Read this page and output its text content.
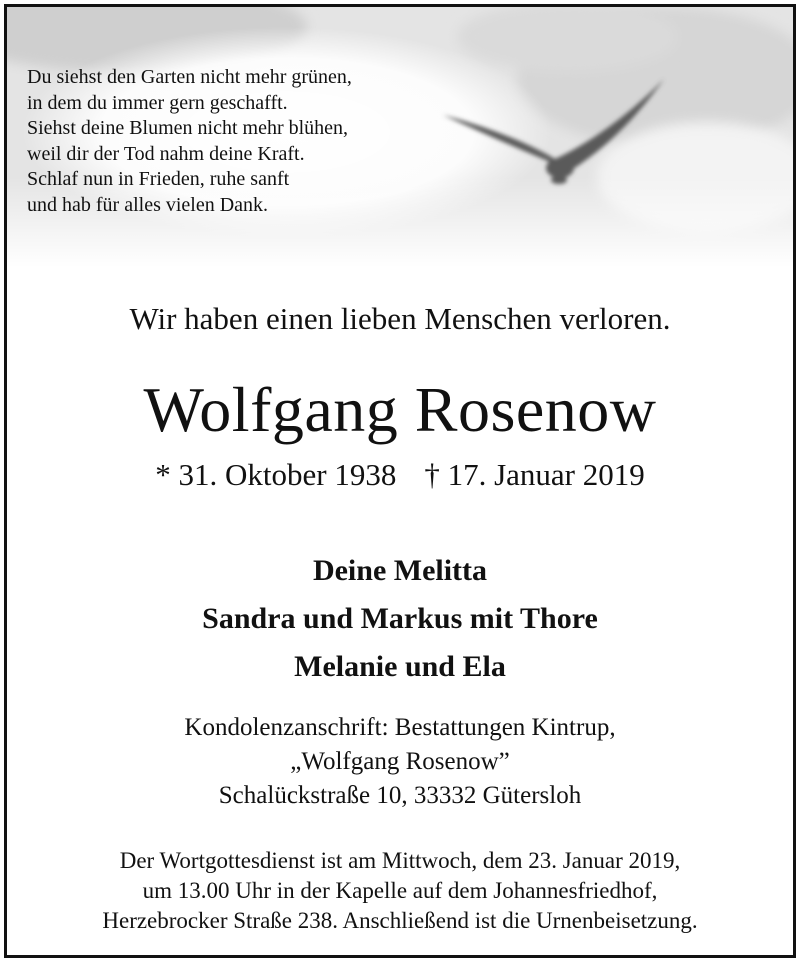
Du siehst den Garten nicht mehr grünen,
in dem du immer gern geschafft.
Siehst deine Blumen nicht mehr blühen,
weil dir der Tod nahm deine Kraft.
Schlaf nun in Frieden, ruhe sanft
und hab für alles vielen Dank.
Wir haben einen lieben Menschen verloren.
Wolfgang Rosenow
* 31. Oktober 1938 † 17. Januar 2019
Deine Melitta
Sandra und Markus mit Thore
Melanie und Ela
Kondolenzanschrift: Bestattungen Kintrup,
„Wolfgang Rosenow”
Schalückstraße 10, 33332 Gütersloh
Der Wortgottesdienst ist am Mittwoch, dem 23. Januar 2019,
um 13.00 Uhr in der Kapelle auf dem Johannesfriedhof,
Herzebrocker Straße 238. Anschließend ist die Urnenbeisetzung.
